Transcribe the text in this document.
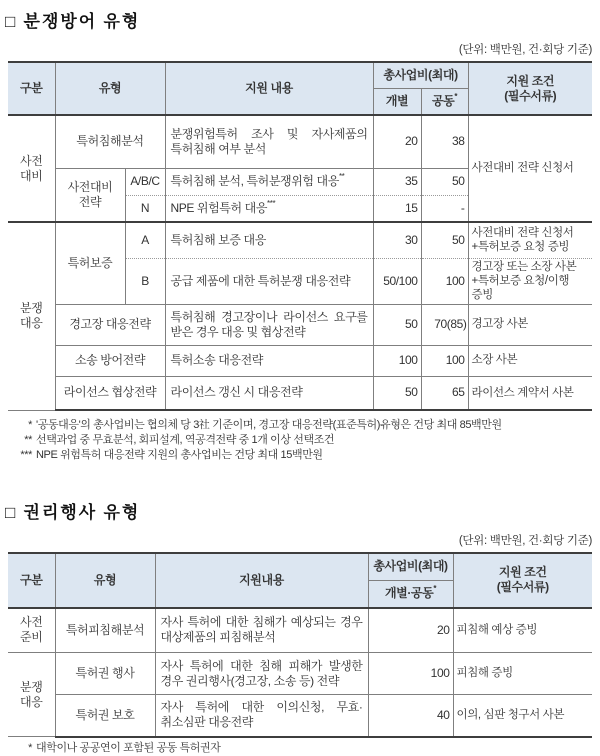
□ 분쟁방어 유형
(단위: 백만원, 건·회당 기준)
구분	유형		지원 내용	총사업비(최대)		지원 조건
(필수서류)
				개별	공동*
사전
대비	특허침해분석		분쟁위험특허 조사 및 자사제품의 특허침해 여부 분석	20	38	사전대비 전략 신청서
	사전대비
전략	A/B/C	특허침해 분석, 특허분쟁위험 대응**	35	50	
		N	NPE 위험특허 대응***	15	-	
분쟁
대응	특허보증	A	특허침해 보증 대응	30	50	사전대비 전략 신청서
+특허보증 요청 증빙
		B	공급 제품에 대한 특허분쟁 대응전략	50/100	100	경고장 또는 소장 사본
+특허보증 요청/이행 증빙
	경고장 대응전략		특허침해 경고장이나 라이선스 요구를 받은 경우 대응 및 협상전략	50	70(85)	경고장 사본
	소송 방어전략		특허소송 대응전략	100	100	소장 사본
	라이선스 협상전략		라이선스 갱신 시 대응전략	50	65	라이선스 계약서 사본
* '공동대응'의 총사업비는 협의체 당 3社 기준이며, 경고장 대응전략(표준특허)유형은 건당 최대 85백만원
** 선택과업 중 무효분석, 회피설계, 역공격전략 중 1개 이상 선택조건
*** NPE 위험특허 대응전략 지원의 총사업비는 건당 최대 15백만원
□ 권리행사 유형
(단위: 백만원, 건·회당 기준)
구분	유형	지원내용	총사업비(최대)	지원 조건
(필수서류)
			개별·공동*
사전
준비	특허피침해분석	자사 특허에 대한 침해가 예상되는 경우 대상제품의 피침해분석	20	피침해 예상 증빙
분쟁
대응	특허권 행사	자사 특허에 대한 침해 피해가 발생한 경우 권리행사(경고장, 소송 등) 전략	100	피침해 증빙
	특허권 보호	자사 특허에 대한 이의신청, 무효·취소심판 대응전략	40	이의, 심판 청구서 사본
* 대학이나 공공연이 포함된 공동 특허권자
